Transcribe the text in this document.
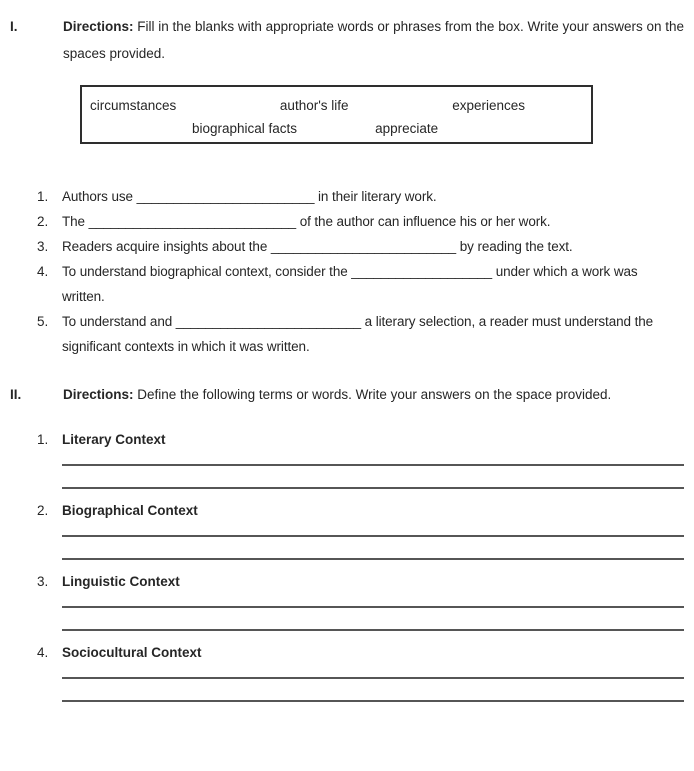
I.	Directions: Fill in the blanks with appropriate words or phrases from the box. Write your answers on the spaces provided.

circumstances	author's life	experiences
biographical facts	appreciate
1.	Authors use ________________________ in their literary work.
2.	The ____________________________ of the author can influence his or her work.
3.	Readers acquire insights about the _________________________ by reading the text.
4.	To understand biographical context, consider the ___________________ under which a work was written.
5.	To understand and _________________________ a literary selection, a reader must understand the significant contexts in which it was written.
II.	Directions: Define the following terms or words. Write your answers on the space provided.

1.	Literary Context
2.	Biographical Context
3.	Linguistic Context
4.	Sociocultural Context
